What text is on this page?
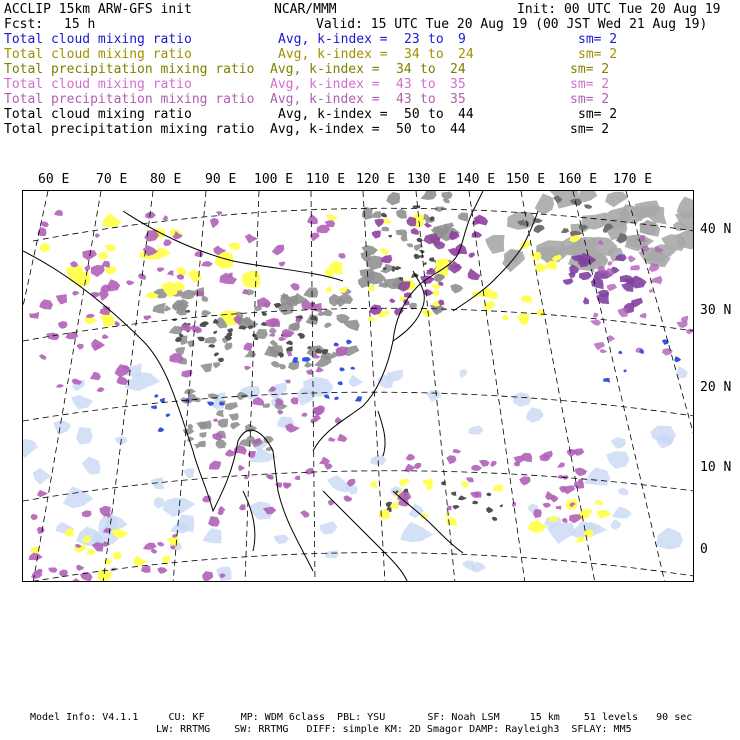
ACCLIP 15km ARW-GFS init	NCAR/MMM	Init: 00 UTC Tue 20 Aug 19
Fcst: 15 h	Valid: 15 UTC Tue 20 Aug 19 (00 JST Wed 21 Aug 19)
Total cloud mixing ratio	Avg, k-index = 23 to 9	sm= 2
Total cloud mixing ratio	Avg, k-index = 34 to 24	sm= 2
Total precipitation mixing ratio Avg, k-index = 34 to 24	sm= 2
Total cloud mixing ratio	Avg, k-index = 43 to 35	sm= 2
Total precipitation mixing ratio Avg, k-index = 43 to 35	sm= 2
Total cloud mixing ratio	Avg, k-index = 50 to 44	sm= 2
Total precipitation mixing ratio Avg, k-index = 50 to 44	sm= 2
60 E 70 E 80 E 90 E 100 E 110 E 120 E 130 E 140 E 150 E 160 E 170 E
40 N
30 N
20 N
10 N
0
Model Info: V4.1.1     CU: KF      MP: WDM 6class  PBL: YSU       SF: Noah LSM     15 km    51 levels   90 sec
LW: RRTMG    SW: RRTMG   DIFF: simple KM: 2D Smagor DAMP: Rayleigh3  SFLAY: MM5
